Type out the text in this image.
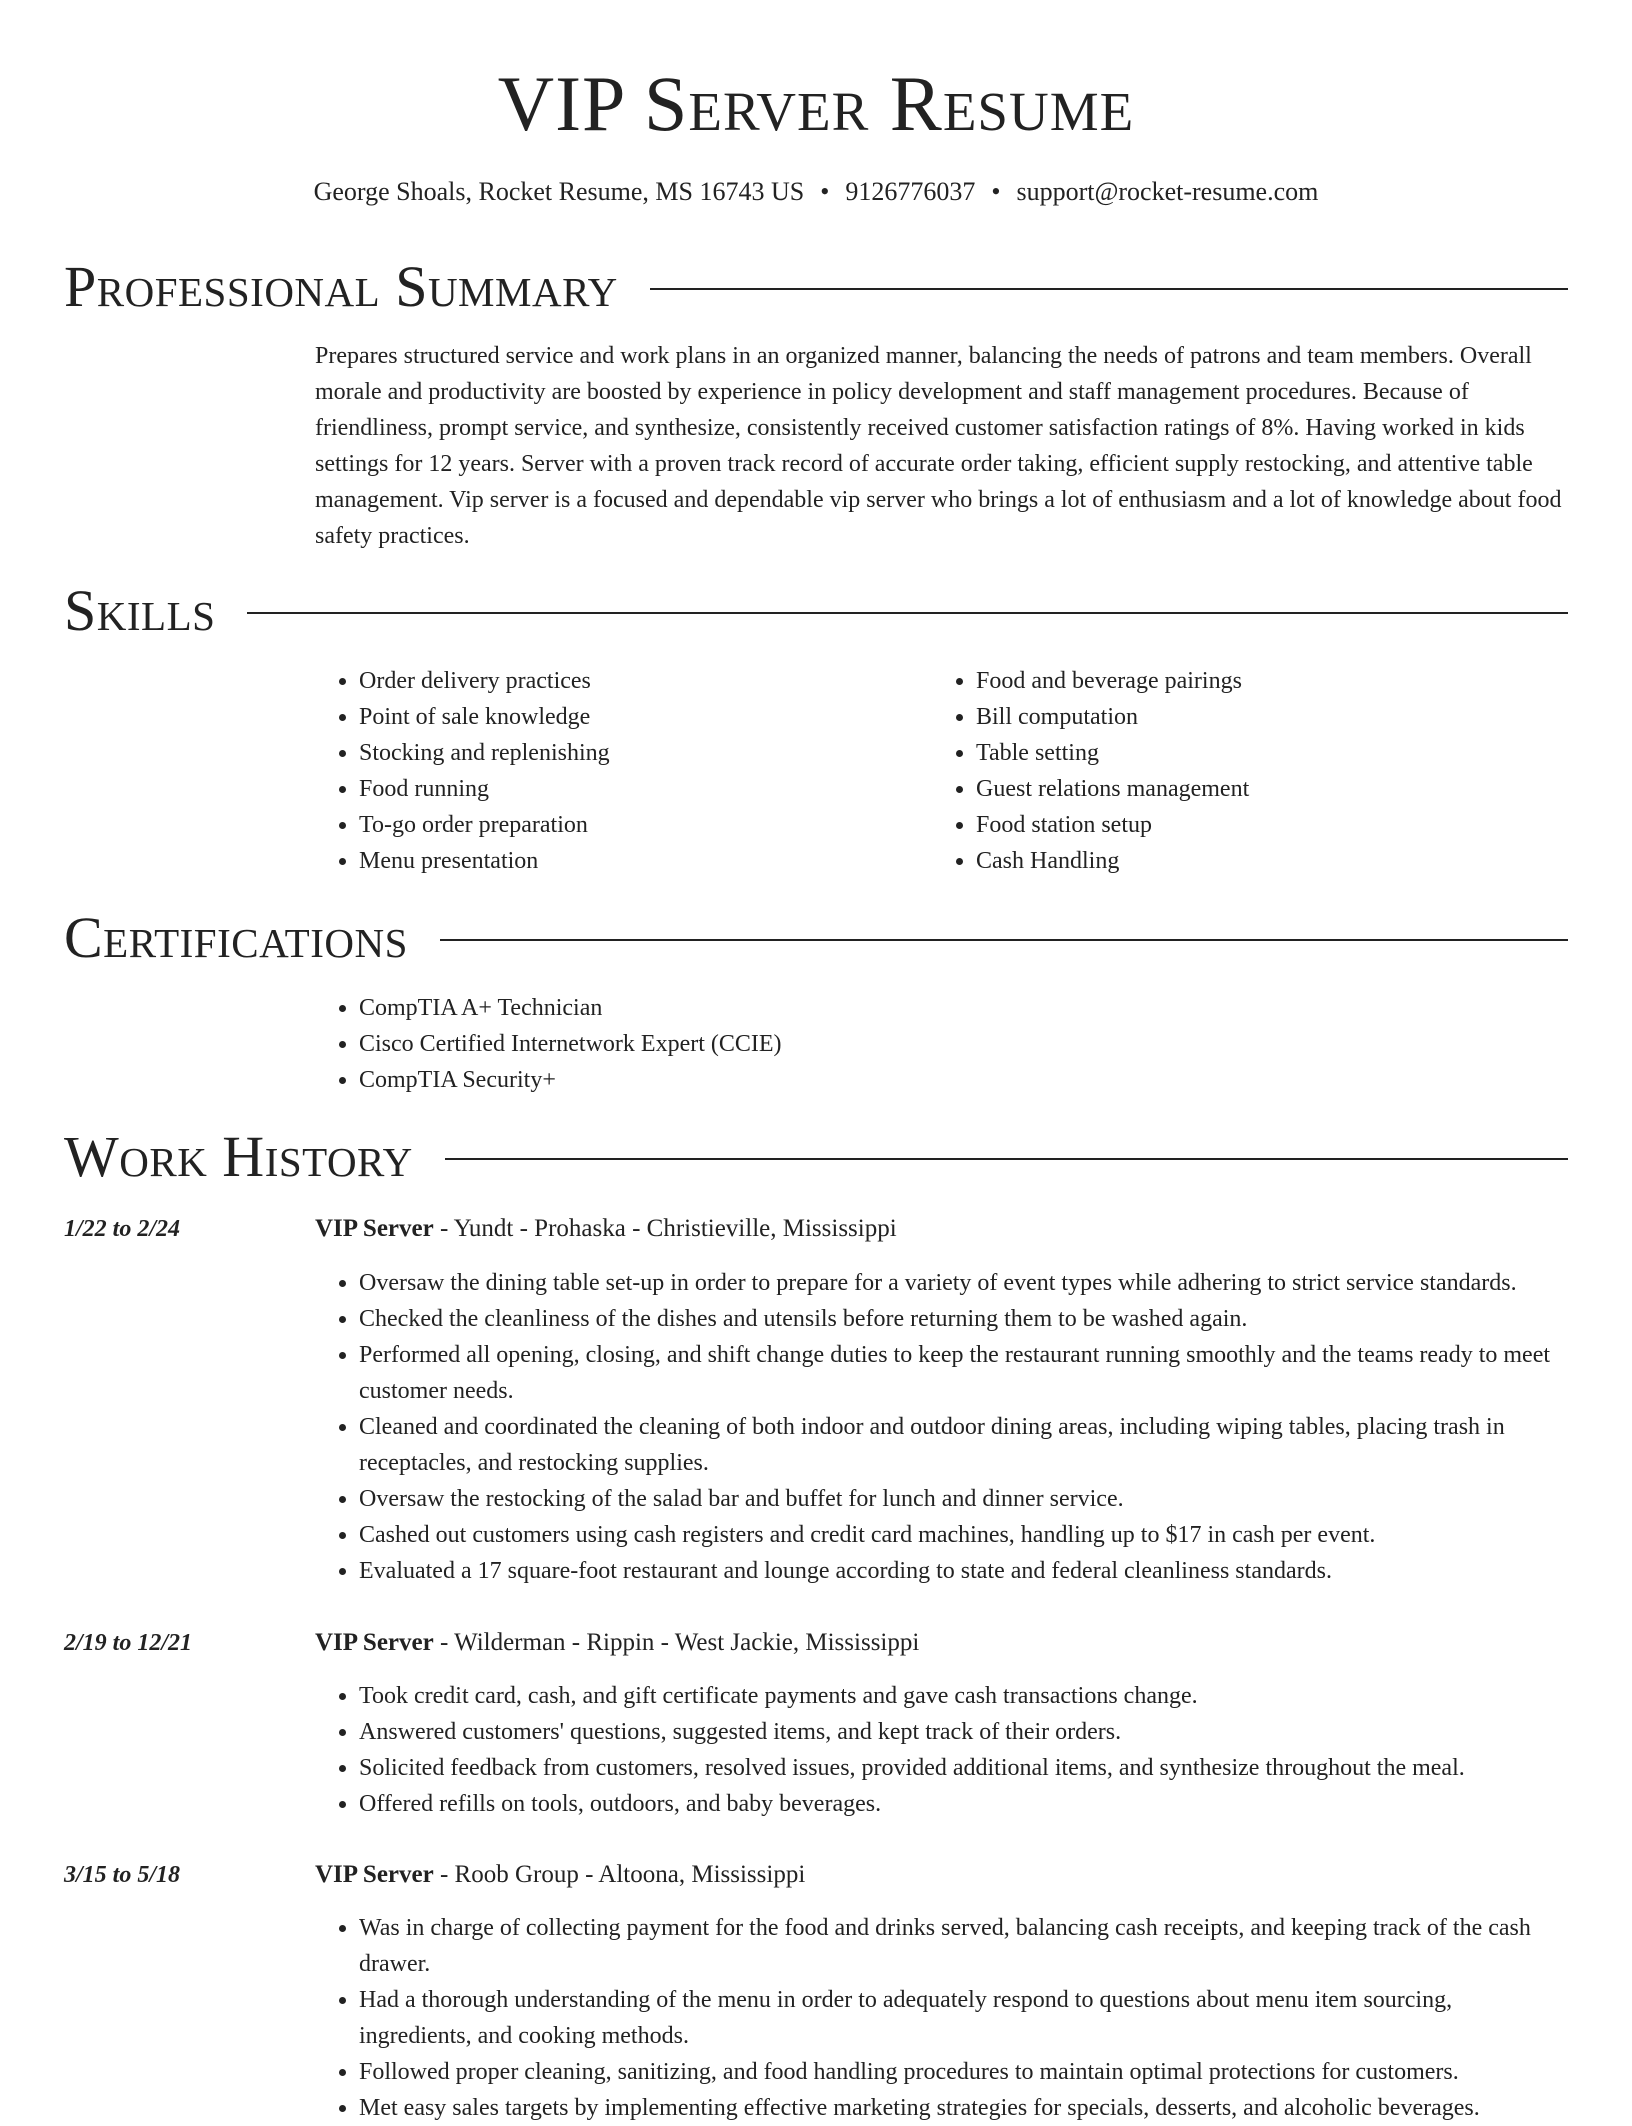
VIP Server Resume
George Shoals, Rocket Resume, MS 16743 US • 9126776037 • support@rocket-resume.com
Professional Summary

Prepares structured service and work plans in an organized manner, balancing the needs of patrons and team members. Overall morale and productivity are boosted by experience in policy development and staff management procedures. Because of friendliness, prompt service, and synthesize, consistently received customer satisfaction ratings of 8%. Having worked in kids settings for 12 years. Server with a proven track record of accurate order taking, efficient supply restocking, and attentive table management. Vip server is a focused and dependable vip server who brings a lot of enthusiasm and a lot of knowledge about food safety practices.

Skills
• Order delivery practices
• Point of sale knowledge
• Stocking and replenishing
• Food running
• To-go order preparation
• Menu presentation
• Food and beverage pairings
• Bill computation
• Table setting
• Guest relations management
• Food station setup
• Cash Handling
Certifications
• CompTIA A+ Technician
• Cisco Certified Internetwork Expert (CCIE)
• CompTIA Security+
Work History
1/22 to 2/24	VIP Server - Yundt - Prohaska - Christieville, Mississippi
• Oversaw the dining table set-up in order to prepare for a variety of event types while adhering to strict service standards.
• Checked the cleanliness of the dishes and utensils before returning them to be washed again.
• Performed all opening, closing, and shift change duties to keep the restaurant running smoothly and the teams ready to meet customer needs.
• Cleaned and coordinated the cleaning of both indoor and outdoor dining areas, including wiping tables, placing trash in receptacles, and restocking supplies.
• Oversaw the restocking of the salad bar and buffet for lunch and dinner service.
• Cashed out customers using cash registers and credit card machines, handling up to $17 in cash per event.
• Evaluated a 17 square-foot restaurant and lounge according to state and federal cleanliness standards.
2/19 to 12/21	VIP Server - Wilderman - Rippin - West Jackie, Mississippi
• Took credit card, cash, and gift certificate payments and gave cash transactions change.
• Answered customers' questions, suggested items, and kept track of their orders.
• Solicited feedback from customers, resolved issues, provided additional items, and synthesize throughout the meal.
• Offered refills on tools, outdoors, and baby beverages.
3/15 to 5/18	VIP Server - Roob Group - Altoona, Mississippi
• Was in charge of collecting payment for the food and drinks served, balancing cash receipts, and keeping track of the cash drawer.
• Had a thorough understanding of the menu in order to adequately respond to questions about menu item sourcing, ingredients, and cooking methods.
• Followed proper cleaning, sanitizing, and food handling procedures to maintain optimal protections for customers.
• Met easy sales targets by implementing effective marketing strategies for specials, desserts, and alcoholic beverages.
